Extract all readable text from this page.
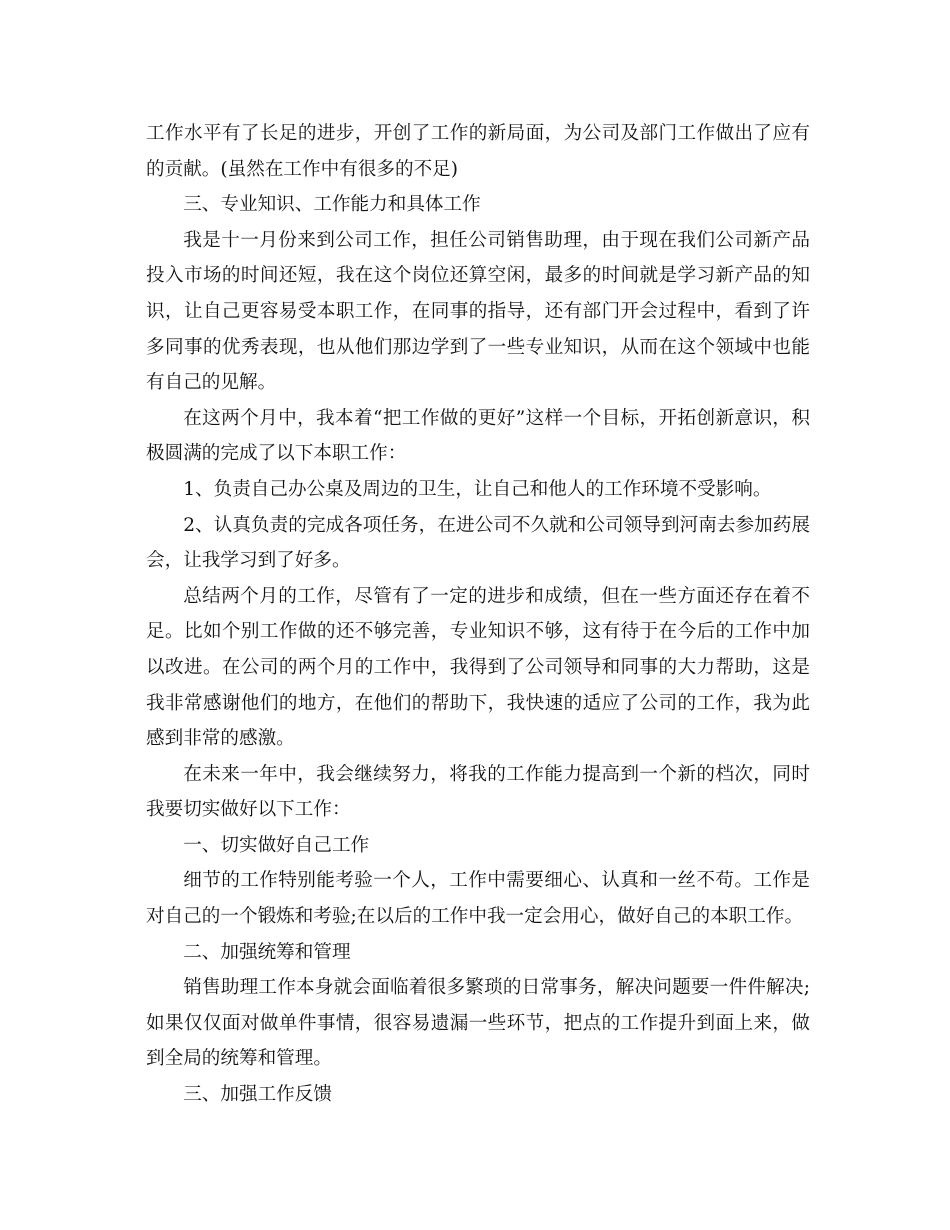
工作水平有了长足的进步，开创了工作的新局面，为公司及部门工作做出了应有的贡献。(虽然在工作中有很多的不足)

三、专业知识、工作能力和具体工作

我是十一月份来到公司工作，担任公司销售助理，由于现在我们公司新产品投入市场的时间还短，我在这个岗位还算空闲，最多的时间就是学习新产品的知识，让自己更容易受本职工作，在同事的指导，还有部门开会过程中，看到了许多同事的优秀表现，也从他们那边学到了一些专业知识，从而在这个领域中也能有自己的见解。

在这两个月中，我本着“把工作做的更好”这样一个目标，开拓创新意识，积极圆满的完成了以下本职工作：

1、负责自己办公桌及周边的卫生，让自己和他人的工作环境不受影响。

2、认真负责的完成各项任务，在进公司不久就和公司领导到河南去参加药展会，让我学习到了好多。

总结两个月的工作，尽管有了一定的进步和成绩，但在一些方面还存在着不足。比如个别工作做的还不够完善，专业知识不够，这有待于在今后的工作中加以改进。在公司的两个月的工作中，我得到了公司领导和同事的大力帮助，这是我非常感谢他们的地方，在他们的帮助下，我快速的适应了公司的工作，我为此感到非常的感激。

在未来一年中，我会继续努力，将我的工作能力提高到一个新的档次，同时我要切实做好以下工作：

一、切实做好自己工作

细节的工作特别能考验一个人，工作中需要细心、认真和一丝不苟。工作是对自己的一个锻炼和考验;在以后的工作中我一定会用心，做好自己的本职工作。

二、加强统筹和管理

销售助理工作本身就会面临着很多繁琐的日常事务，解决问题要一件件解决;如果仅仅面对做单件事情，很容易遗漏一些环节，把点的工作提升到面上来，做到全局的统筹和管理。

三、加强工作反馈
